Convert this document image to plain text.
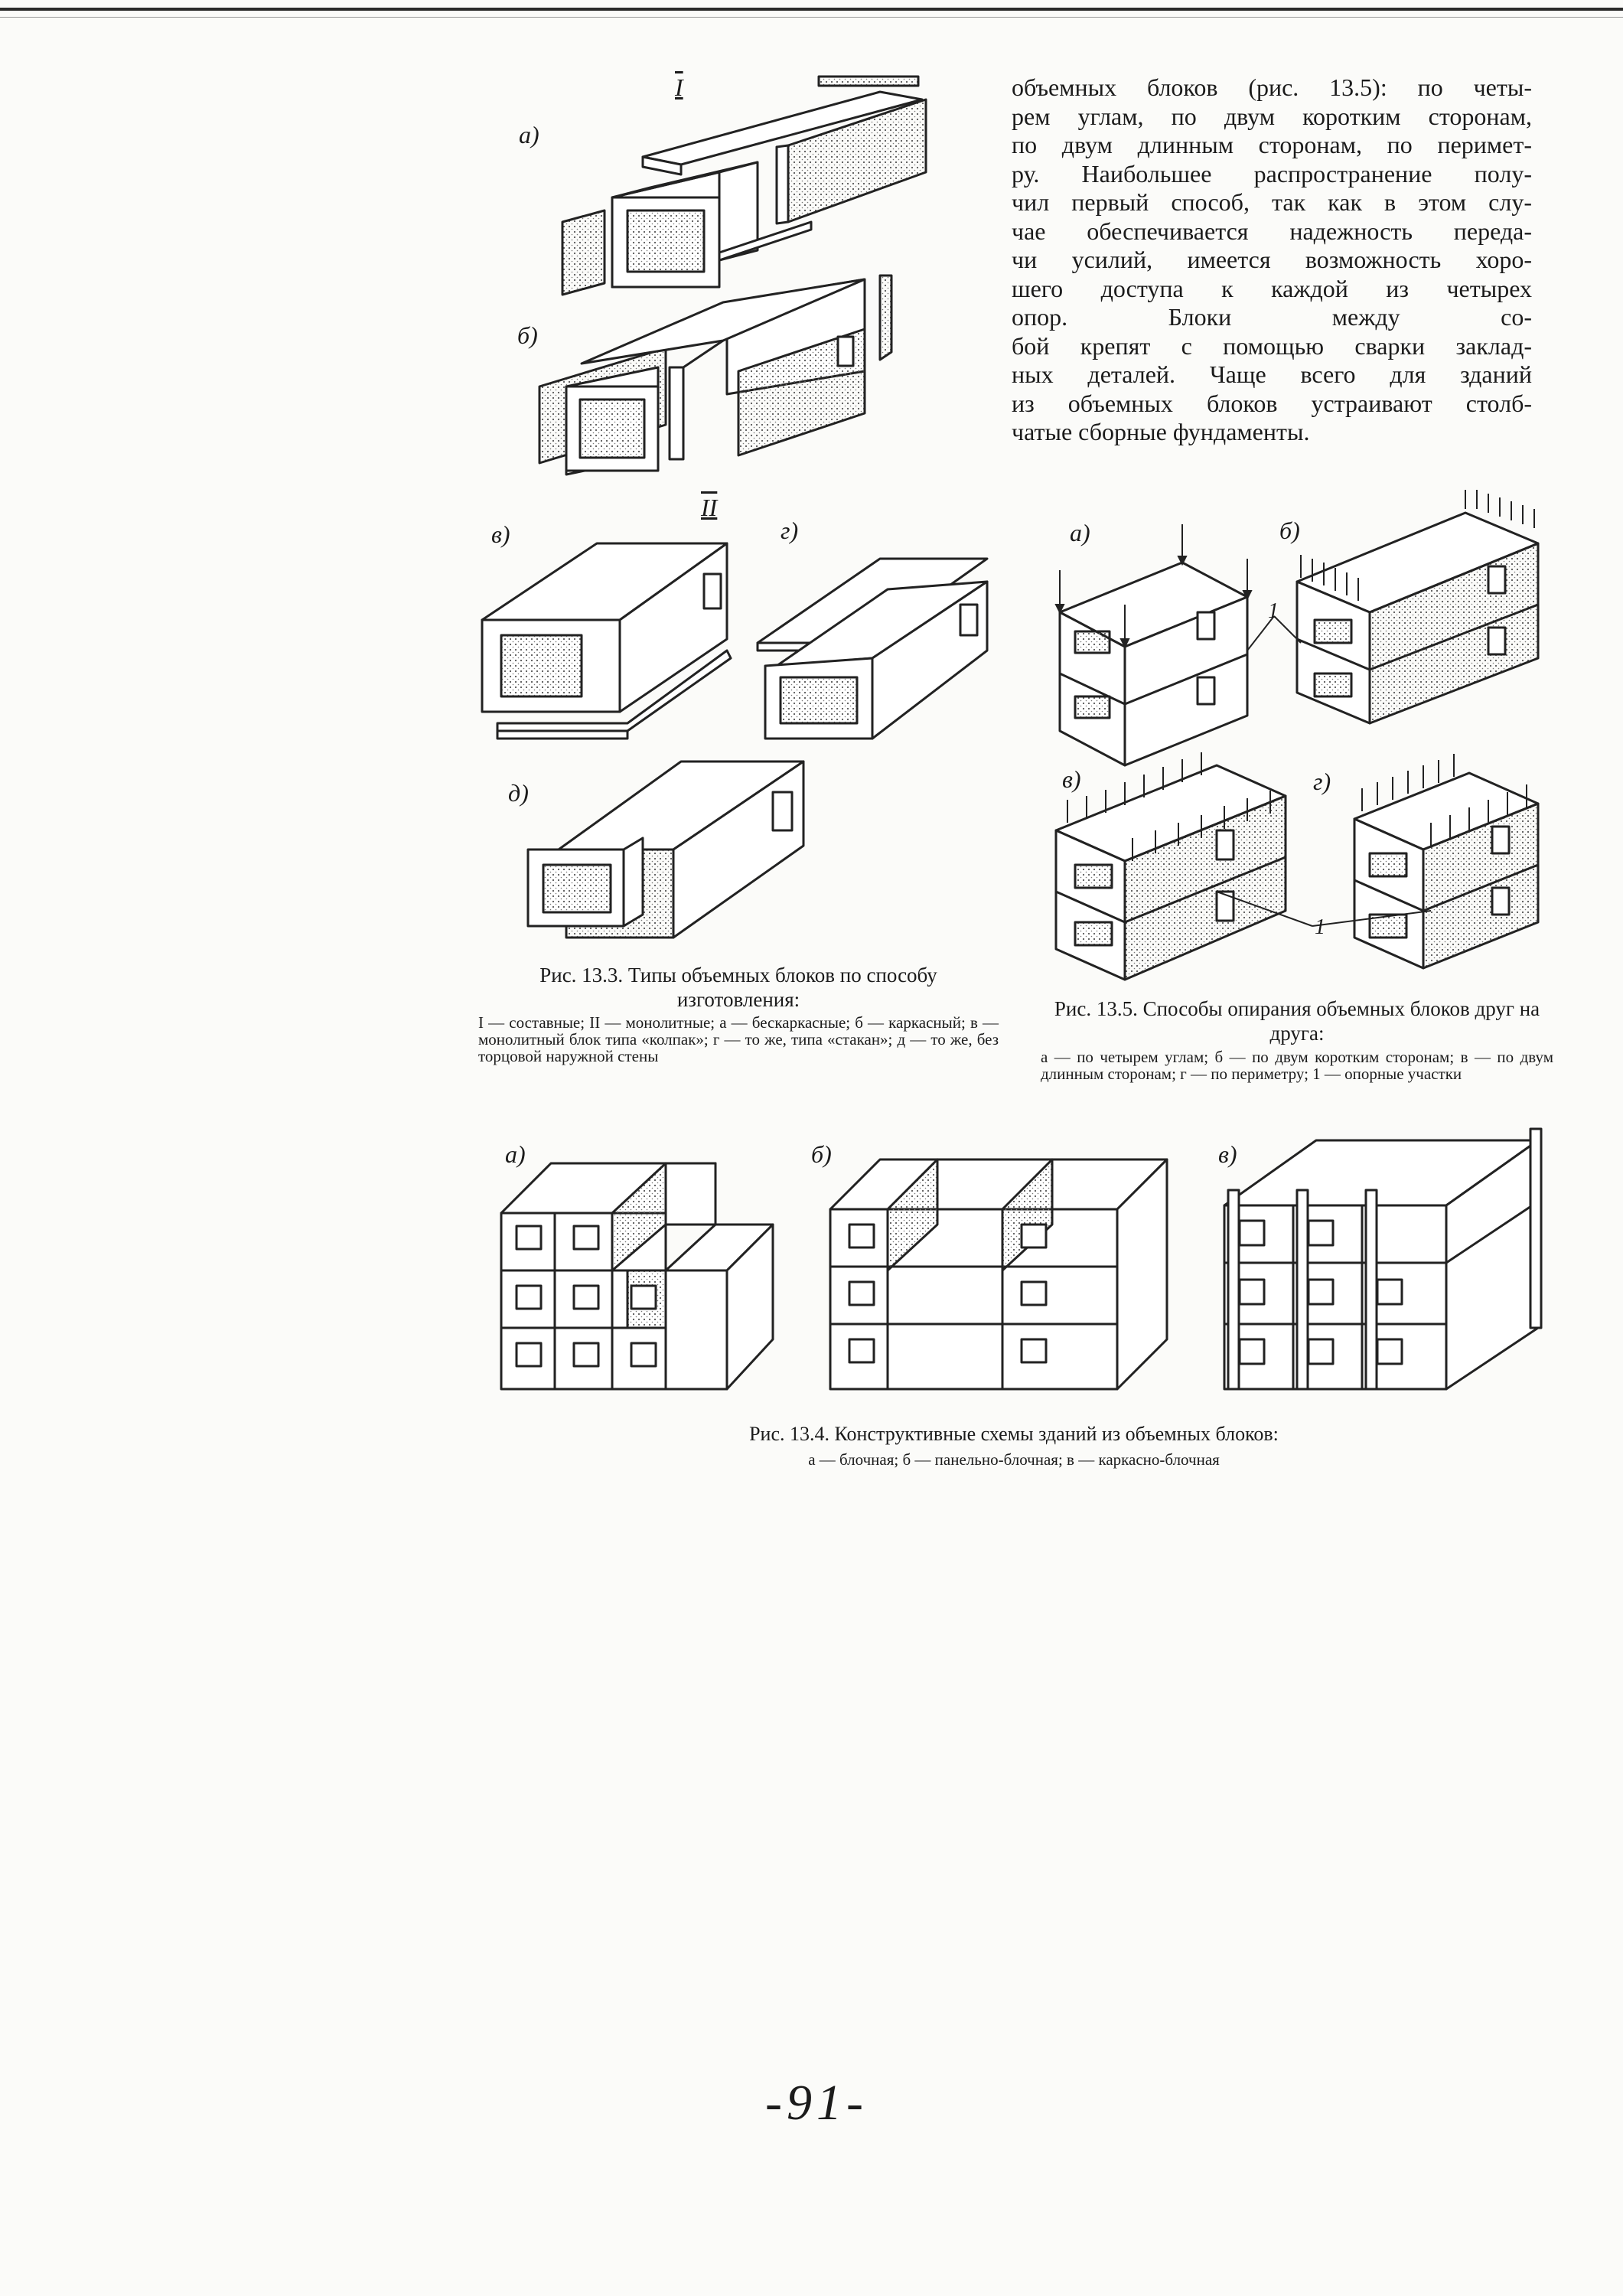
объемных блоков (рис. 13.5): по четы-
рем углам, по двум коротким сторонам,
по двум длинным сторонам, по перимет-
ру. Наибольшее распространение полу-
чил первый способ, так как в этом слу-
чае обеспечивается надежность переда-
чи усилий, имеется возможность хоро-
шего доступа к каждой из четырех
опор. Блоки между со-
бой крепят с помощью сварки заклад-
ных деталей. Чаще всего для зданий
из объемных блоков устраивают столб-
чатые сборные фундаменты.
I
а)
б)
II
в)	г)
д)
а)	б)
в)	г)
1
1
а)	б)	в)
Рис. 13.3. Типы объемных блоков по способу изготовления:
I — составные; II — монолитные; а — бескаркасные; б — каркасный; в — монолитный блок типа «колпак»; г — то же, типа «стакан»; д — то же, без торцовой наружной стены
Рис. 13.5. Способы опирания объемных блоков друг на друга:
а — по четырем углам; б — по двум коротким сторонам; в — по двум длинным сторонам; г — по периметру; 1 — опорные участки
Рис. 13.4. Конструктивные схемы зданий из объемных блоков:
а — блочная; б — панельно-блочная; в — каркасно-блочная
-91-
